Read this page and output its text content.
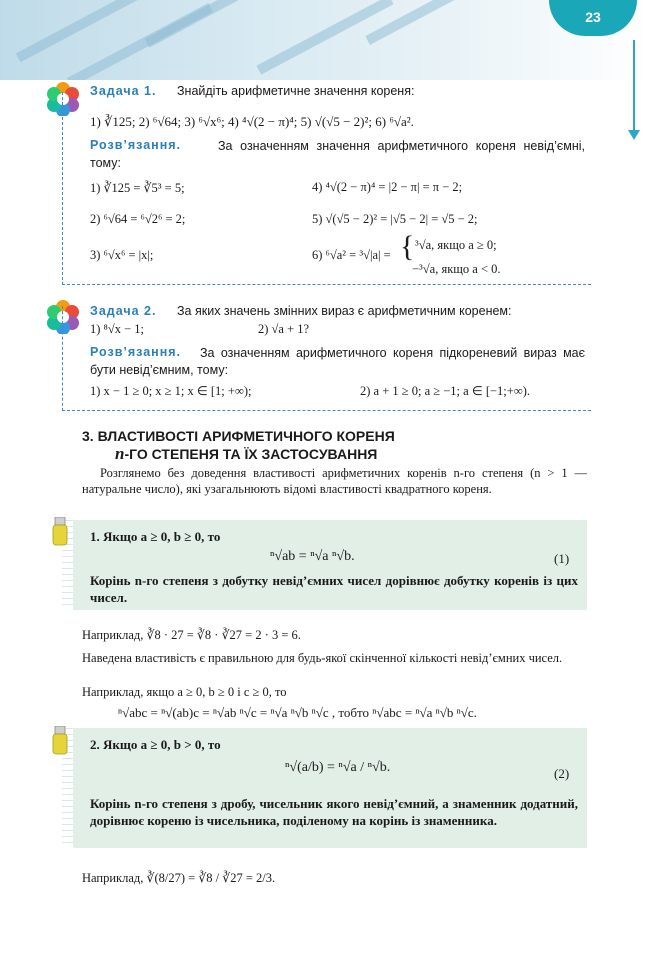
23
Задача 1. Знайдіть арифметичне значення кореня:
1) ∛125; 2) ⁶√64; 3) ⁶√x⁶; 4) ⁴√(2 − π)⁴; 5) √(√5 − 2)²; 6) ⁶√a².
Розв’язання.	За означенням значення арифметичного кореня невід’ємні, тому:
1) ∛125 = ∛5³ = 5;	4) ⁴√(2 − π)⁴ = |2 − π| = π − 2;
2) ⁶√64 = ⁶√2⁶ = 2;	5) √(√5 − 2)² = |√5 − 2| = √5 − 2;
3) ⁶√x⁶ = |x|;	6) ⁶√a² = ³√|a| = { ³√a, якщо a ≥ 0;
−³√a, якщо a < 0.
Задача 2. За яких значень змінних вираз є арифметичним коренем:
1) ⁸√x − 1;	2) √a + 1?
Розв’язання.	За означенням арифметичного кореня підкореневий вираз має бути невід’ємним, тому:
1) x − 1 ≥ 0; x ≥ 1; x ∈ [1; +∞);	2) a + 1 ≥ 0; a ≥ −1; a ∈ [−1;+∞).
3. ВЛАСТИВОСТІ АРИФМЕТИЧНОГО КОРЕНЯ
n-ГО СТЕПЕНЯ ТА ЇХ ЗАСТОСУВАННЯ
Розглянемо без доведення властивості арифметичних коренів n-го степеня (n > 1 — натуральне число), які узагальнюють відомі властивості квадратного кореня.
1. Якщо a ≥ 0, b ≥ 0, то
ⁿ√ab = ⁿ√a ⁿ√b.	(1)
Корінь n-го степеня з добутку невід’ємних чисел дорівнює добутку коренів із цих чисел.
Наприклад, ∛8 · 27 = ∛8 · ∛27 = 2 · 3 = 6.
Наведена властивість є правильною для будь-якої скінченної кількості невід’ємних чисел.
Наприклад, якщо a ≥ 0, b ≥ 0 і c ≥ 0, то
ⁿ√abc = ⁿ√(ab)c = ⁿ√ab ⁿ√c = ⁿ√a ⁿ√b ⁿ√c , тобто ⁿ√abc = ⁿ√a ⁿ√b ⁿ√c.
2. Якщо a ≥ 0, b > 0, то
ⁿ√(a/b) = ⁿ√a / ⁿ√b.	(2)
Корінь n-го степеня з дробу, чисельник якого невід’ємний, а знаменник додатний, дорівнює кореню із чисельника, поділеному на корінь із знаменника.
Наприклад, ∛(8/27) = ∛8 / ∛27 = 2/3.
